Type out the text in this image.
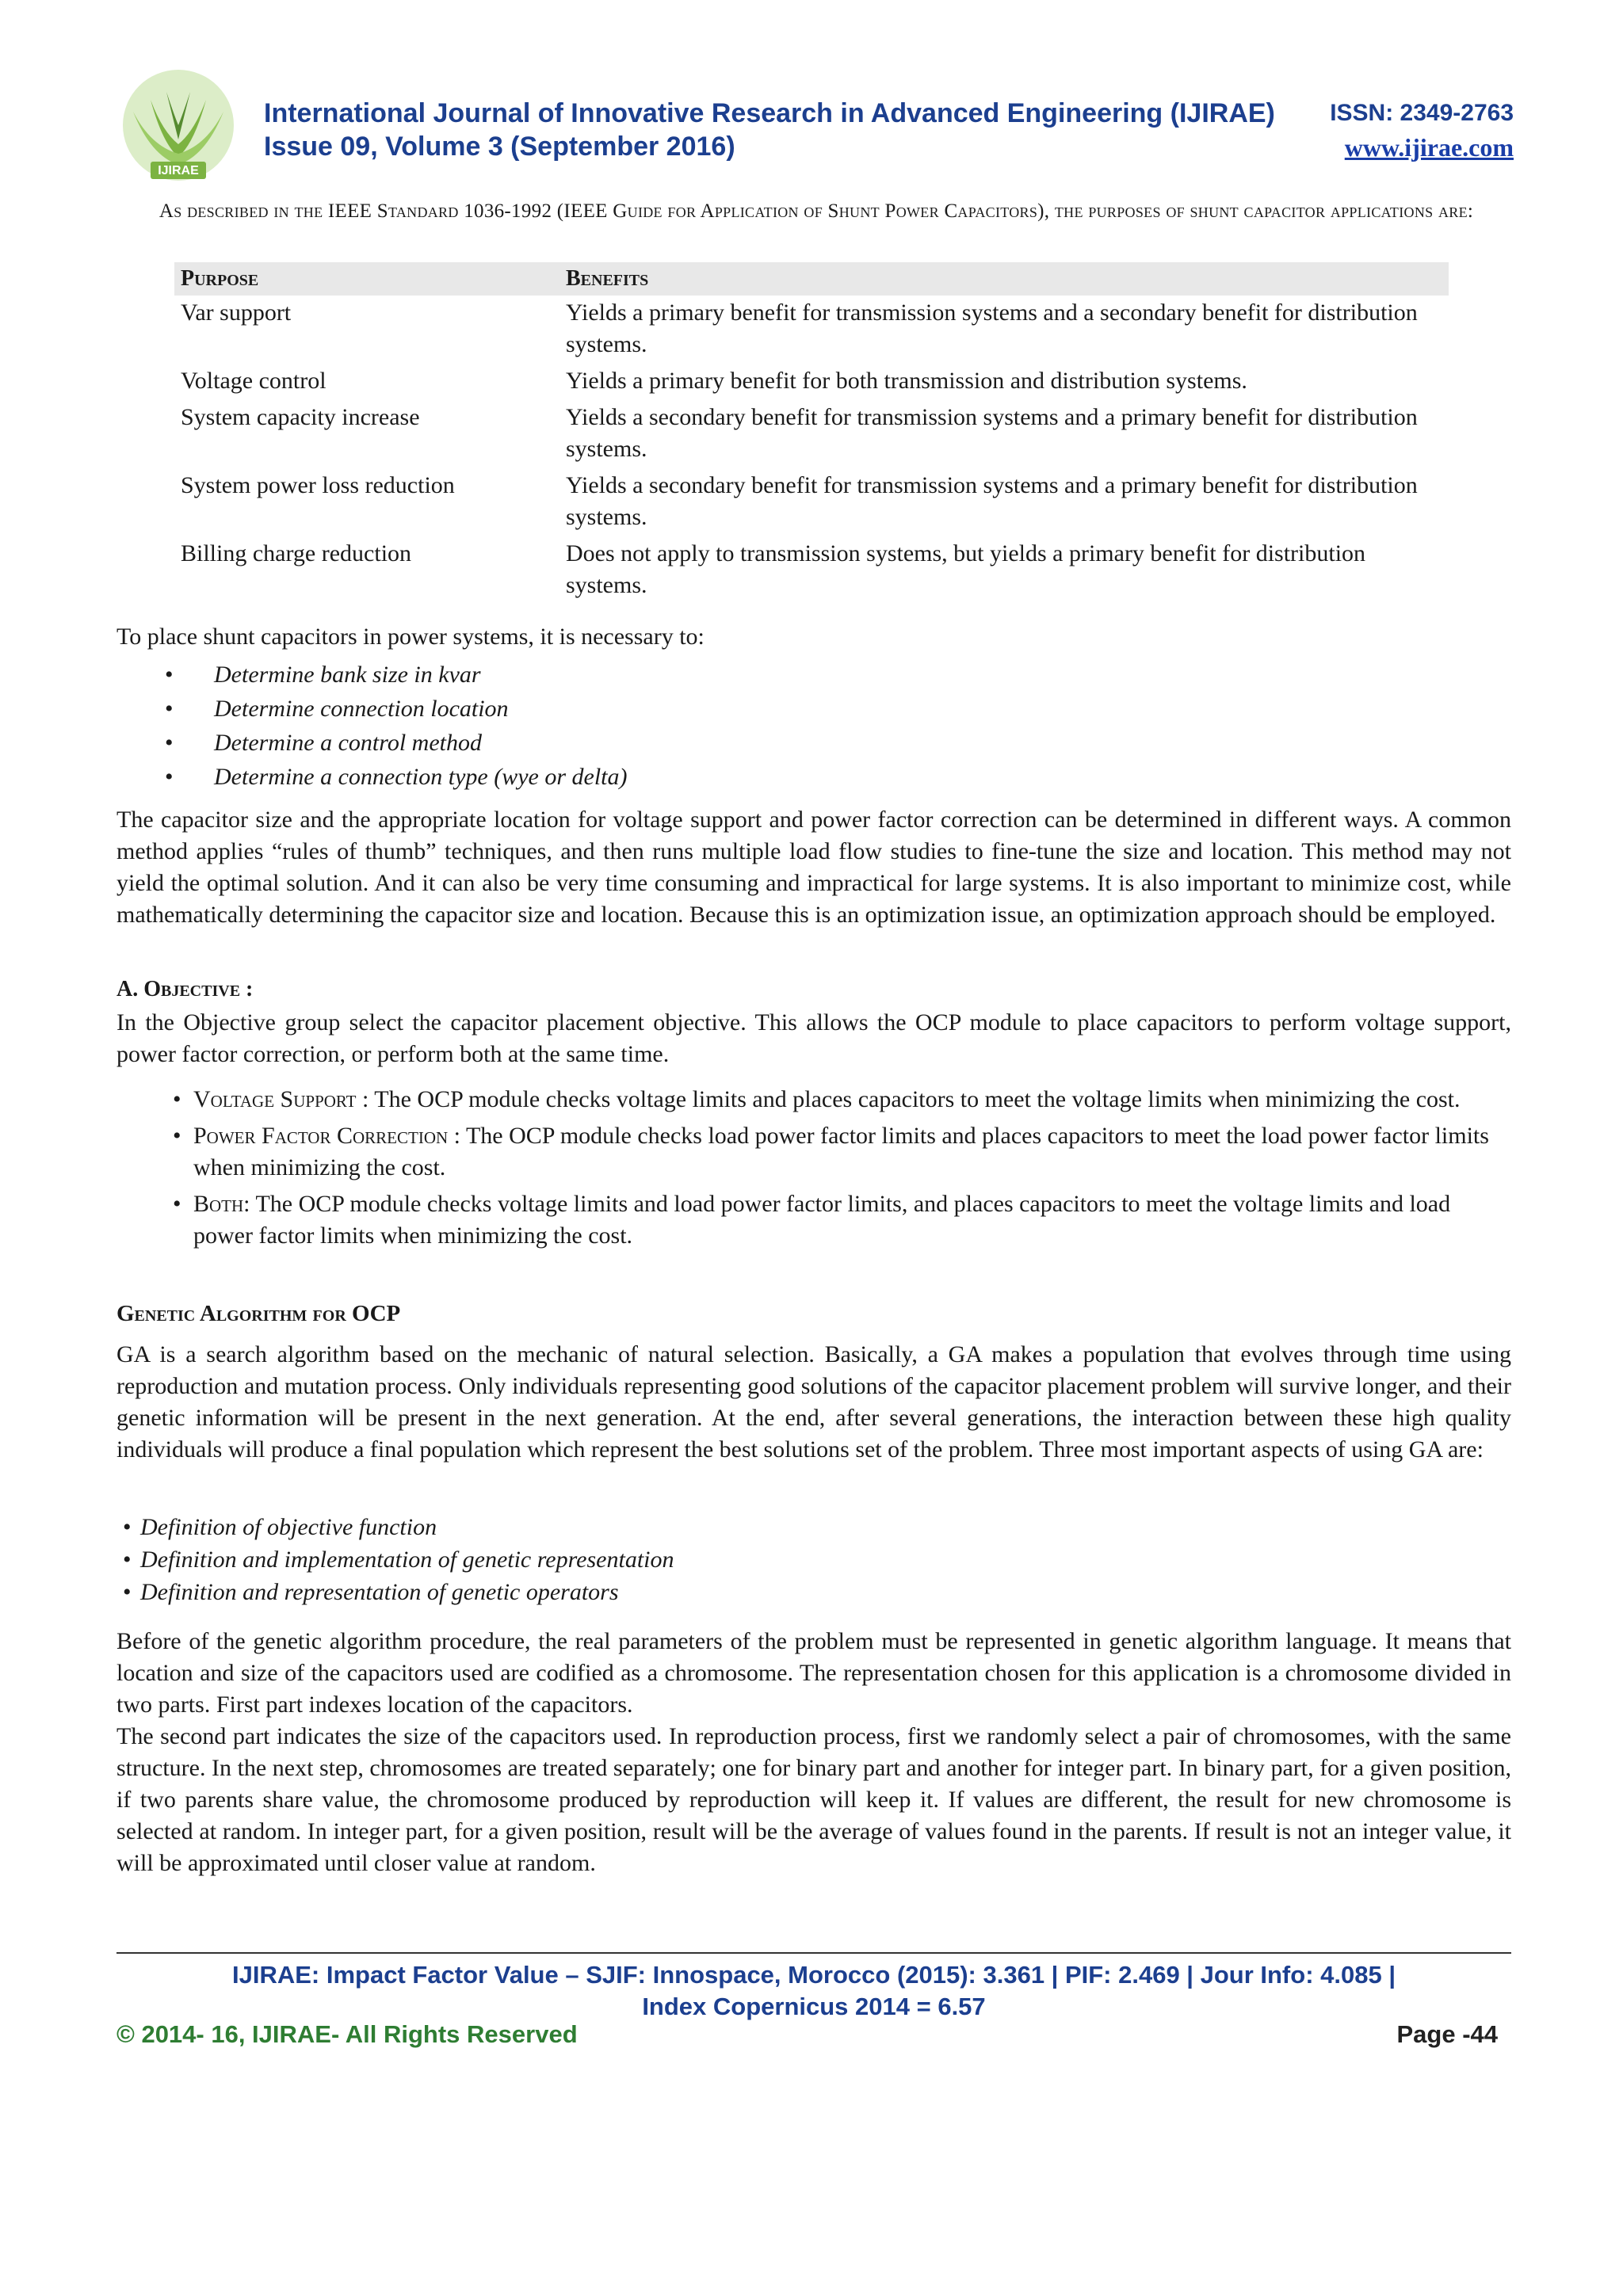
IJIRAE
International Journal of Innovative Research in Advanced Engineering (IJIRAE)
Issue 09, Volume 3 (September 2016)
ISSN: 2349-2763
www.ijirae.com
As described in the IEEE Standard 1036-1992 (IEEE Guide for Application of Shunt Power Capacitors), the purposes of shunt capacitor applications are:
Purpose	Benefits
Var support	Yields a primary benefit for transmission systems and a secondary benefit for distribution systems.
Voltage control	Yields a primary benefit for both transmission and distribution systems.
System capacity increase	Yields a secondary benefit for transmission systems and a primary benefit for distribution systems.
System power loss reduction	Yields a secondary benefit for transmission systems and a primary benefit for distribution systems.
Billing charge reduction	Does not apply to transmission systems, but yields a primary benefit for distribution systems.
To place shunt capacitors in power systems, it is necessary to:
• Determine bank size in kvar
• Determine connection location
• Determine a control method
• Determine a connection type (wye or delta)
The capacitor size and the appropriate location for voltage support and power factor correction can be determined in different ways. A common method applies “rules of thumb” techniques, and then runs multiple load flow studies to fine-tune the size and location. This method may not yield the optimal solution. And it can also be very time consuming and impractical for large systems. It is also important to minimize cost, while mathematically determining the capacitor size and location. Because this is an optimization issue, an optimization approach should be employed.
A. Objective :
In the Objective group select the capacitor placement objective. This allows the OCP module to place capacitors to perform voltage support, power factor correction, or perform both at the same time.
• Voltage Support : The OCP module checks voltage limits and places capacitors to meet the voltage limits when minimizing the cost.
• Power Factor Correction : The OCP module checks load power factor limits and places capacitors to meet the load power factor limits when minimizing the cost.
• Both: The OCP module checks voltage limits and load power factor limits, and places capacitors to meet the voltage limits and load power factor limits when minimizing the cost.
Genetic Algorithm for OCP
GA is a search algorithm based on the mechanic of natural selection. Basically, a GA makes a population that evolves through time using reproduction and mutation process. Only individuals representing good solutions of the capacitor placement problem will survive longer, and their genetic information will be present in the next generation. At the end, after several generations, the interaction between these high quality individuals will produce a final population which represent the best solutions set of the problem. Three most important aspects of using GA are:
• Definition of objective function
• Definition and implementation of genetic representation
• Definition and representation of genetic operators
Before of the genetic algorithm procedure, the real parameters of the problem must be represented in genetic algorithm language. It means that location and size of the capacitors used are codified as a chromosome. The representation chosen for this application is a chromosome divided in two parts. First part indexes location of the capacitors.
The second part indicates the size of the capacitors used. In reproduction process, first we randomly select a pair of chromosomes, with the same structure. In the next step, chromosomes are treated separately; one for binary part and another for integer part. In binary part, for a given position, if two parents share value, the chromosome produced by reproduction will keep it. If values are different, the result for new chromosome is selected at random. In integer part, for a given position, result will be the average of values found in the parents. If result is not an integer value, it will be approximated until closer value at random.
IJIRAE: Impact Factor Value – SJIF: Innospace, Morocco (2015): 3.361 | PIF: 2.469 | Jour Info: 4.085 |
Index Copernicus 2014 = 6.57
© 2014- 16, IJIRAE- All Rights Reserved	Page -44
